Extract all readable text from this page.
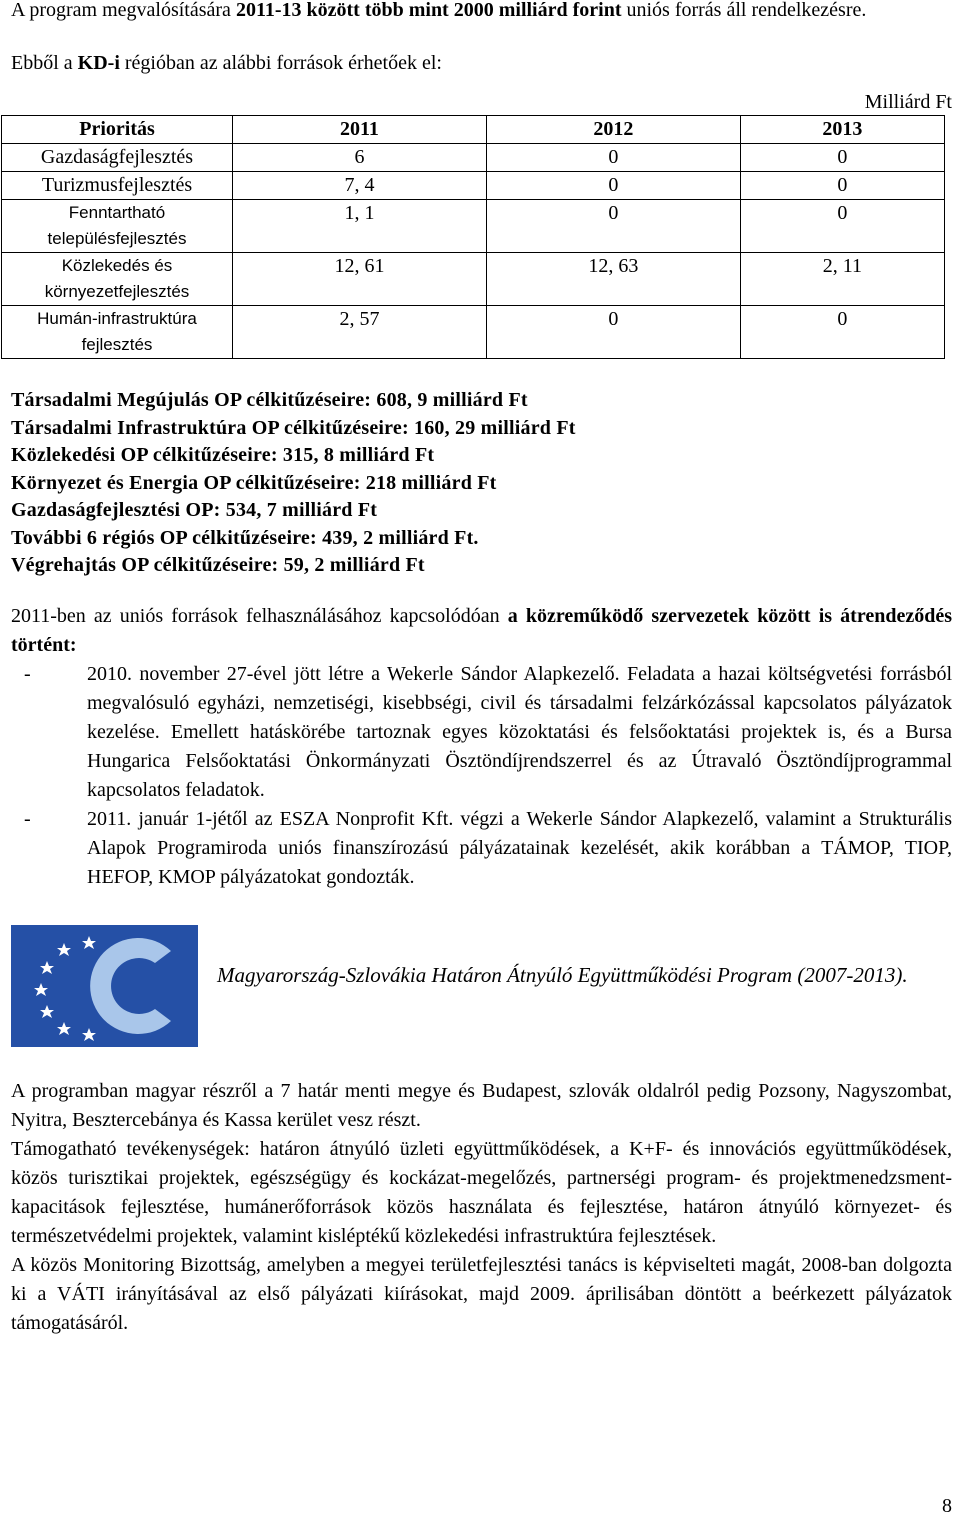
A program megvalósítására 2011-13 között több mint 2000 milliárd forint uniós forrás áll rendelkezésre.

Ebből a KD-i régióban az alábbi források érhetőek el:

Milliárd Ft
Prioritás	2011	2012	2013
Gazdaságfejlesztés	6	0	0
Turizmusfejlesztés	7, 4	0	0
Fenntartható településfejlesztés	1, 1	0	0
Közlekedés és környezetfejlesztés	12, 61	12, 63	2, 11
Humán-infrastruktúra fejlesztés	2, 57	0	0

Társadalmi Megújulás OP célkitűzéseire: 608, 9 milliárd Ft

Társadalmi Infrastruktúra OP célkitűzéseire: 160, 29 milliárd Ft

Közlekedési OP célkitűzéseire: 315, 8 milliárd Ft

Környezet és Energia OP célkitűzéseire: 218 milliárd Ft

Gazdaságfejlesztési OP: 534, 7 milliárd Ft

További 6 régiós OP célkitűzéseire: 439, 2 milliárd Ft.

Végrehajtás OP célkitűzéseire: 59, 2 milliárd Ft

2011-ben az uniós források felhasználásához kapcsolódóan a közreműködő szervezetek között is átrendeződés történt:

-	2010. november 27-ével jött létre a Wekerle Sándor Alapkezelő. Feladata a hazai költségvetési forrásból megvalósuló egyházi, nemzetiségi, kisebbségi, civil és társadalmi felzárkózással kapcsolatos pályázatok kezelése. Emellett hatáskörébe tartoznak egyes közoktatási és felsőoktatási projektek is, és a Bursa Hungarica Felsőoktatási Önkormányzati Ösztöndíjrendszerrel és az Útravaló Ösztöndíjprogrammal kapcsolatos feladatok.
-	2011. január 1-jétől az ESZA Nonprofit Kft. végzi a Wekerle Sándor Alapkezelő, valamint a Strukturális Alapok Programiroda uniós finanszírozású pályázatainak kezelését, akik korábban a TÁMOP, TIOP, HEFOP, KMOP pályázatokat gondozták.
Magyarország-Szlovákia Határon Átnyúló Együttműködési Program (2007-2013).

A programban magyar részről a 7 határ menti megye és Budapest, szlovák oldalról pedig Pozsony, Nagyszombat, Nyitra, Besztercebánya és Kassa kerület vesz részt.

Támogatható tevékenységek: határon átnyúló üzleti együttműködések, a K+F- és innovációs együttműködések, közös turisztikai projektek, egészségügy és kockázat-megelőzés, partnerségi program- és projektmenedzsment-kapacitások fejlesztése, humánerőforrások közös használata és fejlesztése, határon átnyúló környezet- és természetvédelmi projektek, valamint kisléptékű közlekedési infrastruktúra fejlesztések.

A közös Monitoring Bizottság, amelyben a megyei területfejlesztési tanács is képviselteti magát, 2008-ban dolgozta ki a VÁTI irányításával az első pályázati kiírásokat, majd 2009. áprilisában döntött a beérkezett pályázatok támogatásáról.

8
